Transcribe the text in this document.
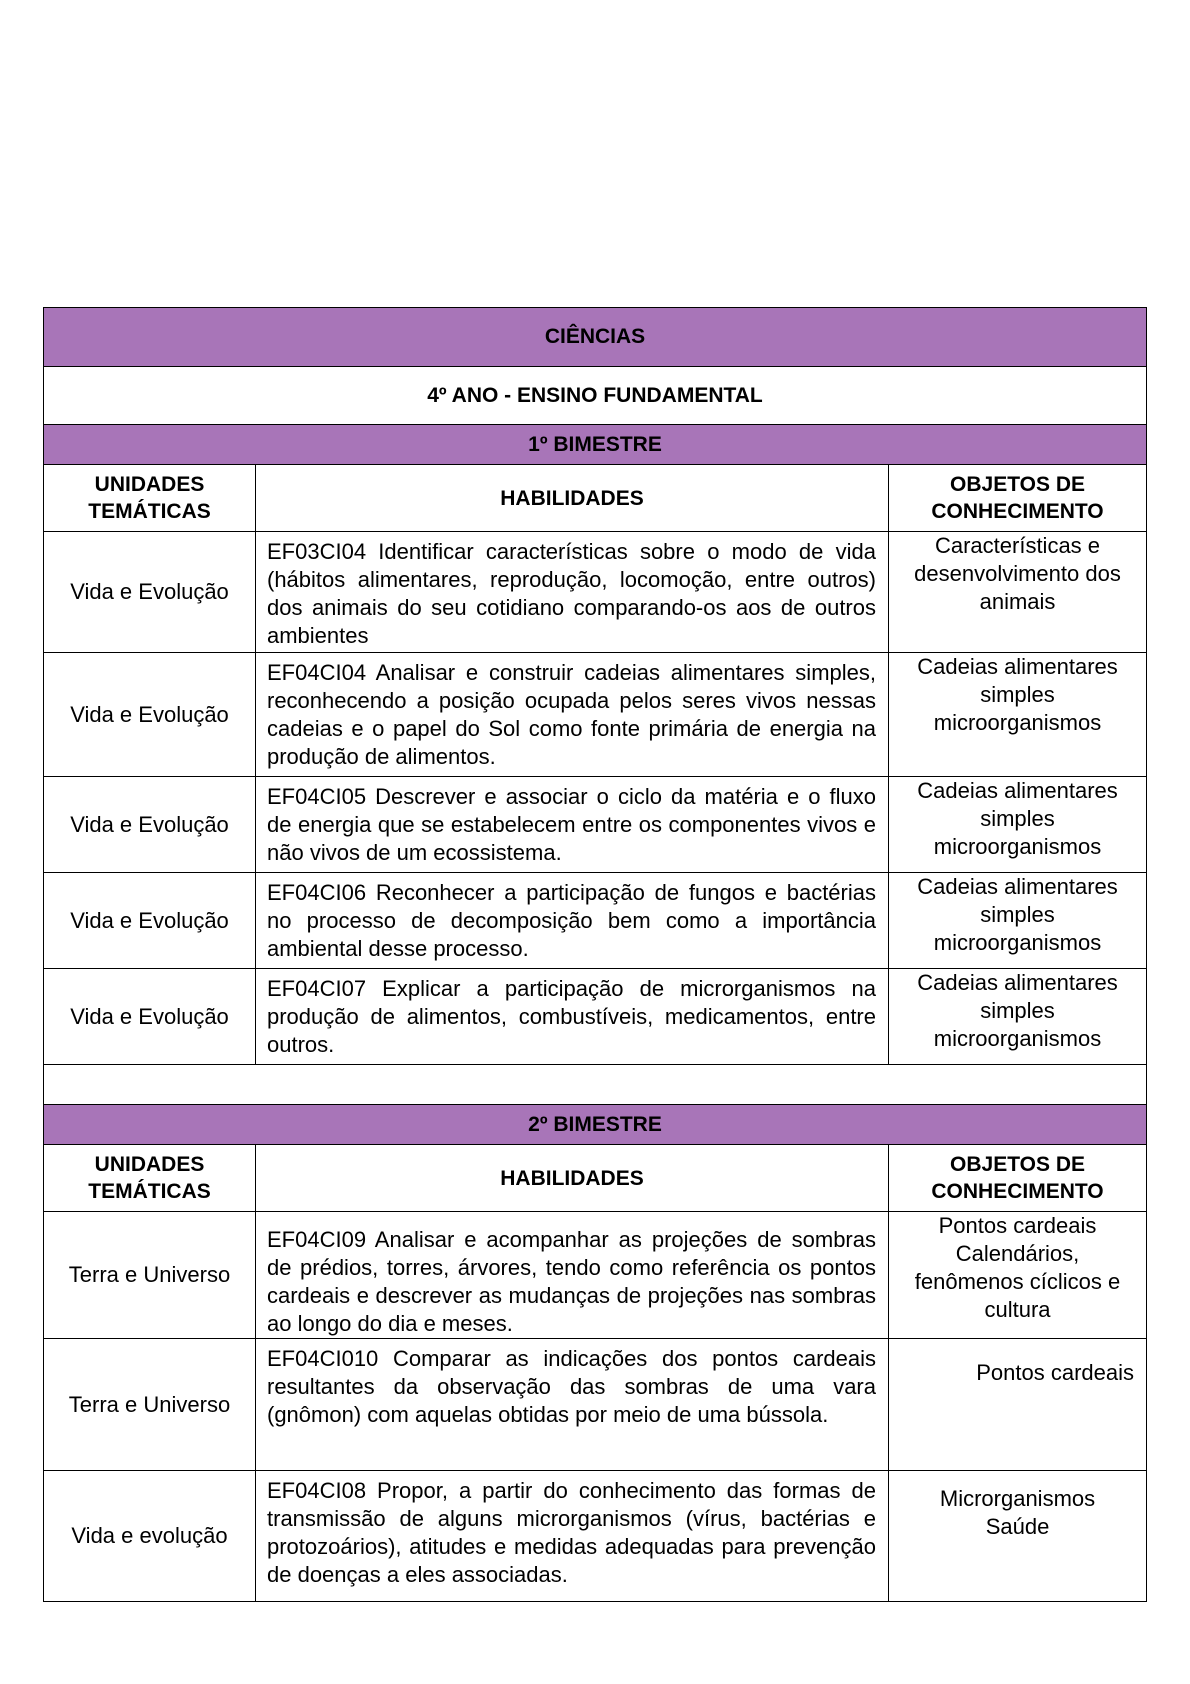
CIÊNCIAS		
4º ANO - ENSINO FUNDAMENTAL		
1º BIMESTRE		

UNIDADES
TEMÁTICAS	HABILIDADES	OBJETOS DE
CONHECIMENTO

Vida e Evolução	EF03CI04 Identificar características sobre o modo de vida (hábitos alimentares, reprodução, locomoção, entre outros) dos animais do seu cotidiano comparando-os aos de outros ambientes	Características e
desenvolvimento dos
animais

Vida e Evolução	EF04CI04 Analisar e construir cadeias alimentares simples, reconhecendo a posição ocupada pelos seres vivos nessas cadeias e o papel do Sol como fonte primária de energia na produção de alimentos.	Cadeias alimentares
simples
microorganismos

Vida e Evolução	EF04CI05 Descrever e associar o ciclo da matéria e o fluxo de energia que se estabelecem entre os componentes vivos e não vivos de um ecossistema.	Cadeias alimentares
simples
microorganismos

Vida e Evolução	EF04CI06 Reconhecer a participação de fungos e bactérias no processo de decomposição bem como a importância ambiental desse processo.	Cadeias alimentares
simples
microorganismos

Vida e Evolução	EF04CI07 Explicar a participação de microrganismos na produção de alimentos, combustíveis, medicamentos, entre outros.	Cadeias alimentares
simples
microorganismos

2º BIMESTRE		

UNIDADES
TEMÁTICAS	HABILIDADES	OBJETOS DE
CONHECIMENTO

Terra e Universo	EF04CI09 Analisar e acompanhar as projeções de sombras de prédios, torres, árvores, tendo como referência os pontos cardeais e descrever as mudanças de projeções nas sombras ao longo do dia e meses.	Pontos cardeais
Calendários,
fenômenos cíclicos e
cultura

Terra e Universo	EF04CI010 Comparar as indicações dos pontos cardeais resultantes da observação das sombras de uma vara (gnômon) com aquelas obtidas por meio de uma bússola.	Pontos cardeais

Vida e evolução	EF04CI08 Propor, a partir do conhecimento das formas de transmissão de alguns microrganismos (vírus, bactérias e protozoários), atitudes e medidas adequadas para prevenção de doenças a eles associadas.	Microrganismos
Saúde
